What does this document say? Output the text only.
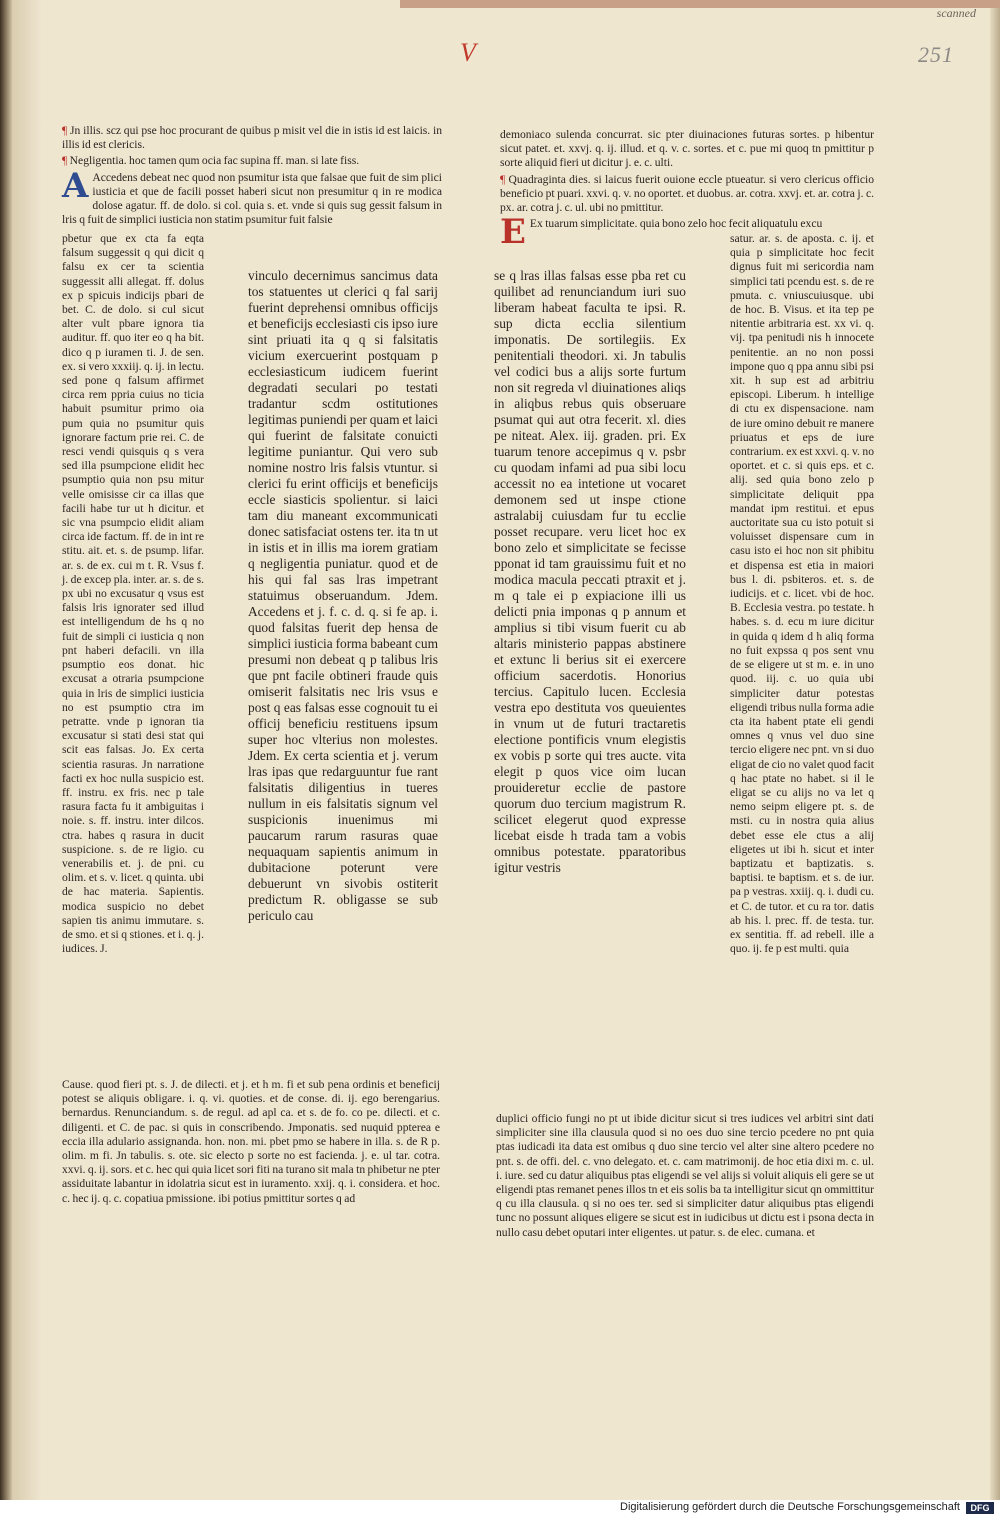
scanned
V	251

¶ Jn illis. scz qui pse hoc procurant de quibus p misit vel die in istis id est laicis. in illis id est clericis.

¶ Negligentia. hoc tamen qum ocia fac supina ff. man. si late fiss.

A Accedens debeat nec quod non psumitur ista que falsae que fuit de sim plici iusticia et que de facili posset haberi sicut non presumitur q in re modica dolose agatur. ff. de dolo. si col. quia s. et. vnde si quis sug gessit falsum in lris q fuit de simplici iusticia non statim psumitur fuit falsie

pbetur que ex cta fa eqta falsum suggessit q qui dicit q falsu ex cer ta scientia suggessit alli allegat. ff. dolus ex p spicuis indicijs pbari de bet. C. de dolo. si cul sicut alter vult pbare ignora tia auditur. ff. quo iter eo q ha bit. dico q p iuramen ti. J. de sen. ex. si vero xxxiij. q. ij. in lectu. sed pone q falsum affirmet circa rem ppria cuius no ticia habuit psumitur primo oia pum quia no psumitur quis ignorare factum prie rei. C. de resci vendi quisquis q s vera sed illa psumpcione elidit hec psumptio quia non psu mitur velle omisisse cir ca illas que facili habe tur ut h dicitur. et sic vna psumpcio elidit aliam circa ide factum. ff. de in int re stitu. ait. et. s. de psump. lifar. ar. s. de ex. cui m t. R. Vsus f. j. de excep pla. inter. ar. s. de s. px ubi no excusatur q vsus est falsis lris ignorater sed illud est intelligendum de hs q no fuit de simpli ci iusticia q non pnt haberi defacili. vn illa psumptio eos donat. hic excusat a otraria psumpcione quia in lris de simplici iusticia no est psumptio ctra im petratte. vnde p ignoran tia excusatur si stati desi stat qui scit eas falsas. Jo. Ex certa scientia rasuras. Jn narratione facti ex hoc nulla suspicio est. ff. instru. ex fris. nec p tale rasura facta fu it ambiguitas i noie. s. ff. instru. inter dilcos. ctra. habes q rasura in ducit suspicione. s. de re ligio. cu venerabilis et. j. de pni. cu olim. et s. v. licet. q quinta. ubi de hac materia. Sapientis. modica suspicio no debet sapien tis animu immutare. s. de smo. et si q stiones. et i. q. j. iudices. J.

vinculo decernimus sancimus data tos statuentes ut clerici q fal sarij fuerint deprehensi omnibus officijs et beneficijs ecclesiasti cis ipso iure sint priuati ita q q si falsitatis vicium exercuerint postquam p ecclesiasticum iudicem fuerint degradati seculari po testati tradantur scdm ostitutiones legitimas puniendi per quam et laici qui fuerint de falsitate conuicti legitime puniantur. Qui vero sub nomine nostro lris falsis vtuntur. si clerici fu erint officijs et beneficijs eccle siasticis spolientur. si laici tam diu maneant excommunicati donec satisfaciat ostens ter. ita tn ut in istis et in illis ma iorem gratiam q negligentia puniatur. quod et de his qui fal sas lras impetrant statuimus obseruandum. Jdem. Accedens et j. f. c. d. q. si fe ap. i. quod falsitas fuerit dep hensa de simplici iusticia forma babeant cum presumi non debeat q p talibus lris que pnt facile obtineri fraude quis omiserit falsitatis nec lris vsus e post q eas falsas esse cognouit tu ei officij beneficiu restituens ipsum super hoc vlterius non molestes. Jdem. Ex certa scientia et j. verum lras ipas que redarguuntur fue rant falsitatis diligentius in tueres nullum in eis falsitatis signum vel suspicionis inuenimus mi paucarum rarum rasuras quae nequaquam sapientis animum in dubitacione poterunt vere debuerunt vn sivobis ostiterit predictum R. obligasse se sub periculo cau

Cause. quod fieri pt. s. J. de dilecti. et j. et h m. fi et sub pena ordinis et beneficij potest se aliquis obligare. i. q. vi. quoties. et de conse. di. ij. ego berengarius. bernardus. Renunciandum. s. de regul. ad apl ca. et s. de fo. co pe. dilecti. et c. diligenti. et C. de pac. si quis in conscribendo. Jmponatis. sed nuquid ppterea e eccia illa adulario assignanda. hon. non. mi. pbet pmo se habere in illa. s. de R p. olim. m fi. Jn tabulis. s. ote. sic electo p sorte no est facienda. j. e. ul tar. cotra. xxvi. q. ij. sors. et c. hec qui quia licet sori fiti na turano sit mala tn phibetur ne pter assiduitate labantur in idolatria sicut est in iuramento. xxij. q. i. considera. et hoc. c. hec ij. q. c. copatiua pmissione. ibi potius pmittitur sortes q ad

demoniaco sulenda concurrat. sic pter diuinaciones futuras sortes. p hibentur sicut patet. et. xxvj. q. ij. illud. et q. v. c. sortes. et c. pue mi quoq tn pmittitur p sorte aliquid fieri ut dicitur j. e. c. ulti.

¶ Quadraginta dies. si laicus fuerit ouione eccle ptueatur. si vero clericus officio beneficio pt puari. xxvi. q. v. no oportet. et duobus. ar. cotra. xxvj. et. ar. cotra j. c. px. ar. cotra j. c. ul. ubi no pmittitur.

E Ex tuarum simplicitate. quia bono zelo hoc fecit aliquatulu excu

se q lras illas falsas esse pba ret cu quilibet ad renunciandum iuri suo liberam habeat faculta te ipsi. R. sup dicta ecclia silentium imponatis. De sortilegiis. Ex penitentiali theodori. xi. Jn tabulis vel codici bus a alijs sorte furtum non sit regreda vl diuinationes aliqs in aliqbus rebus quis obseruare psumat qui aut otra fecerit. xl. dies pe niteat. Alex. iij. graden. pri. Ex tuarum tenore accepimus q v. psbr cu quodam infami ad pua sibi locu accessit no ea intetione ut vocaret demonem sed ut inspe ctione astralabij cuiusdam fur tu ecclie posset recupare. veru licet hoc ex bono zelo et simplicitate se fecisse pponat id tam grauissimu fuit et no modica macula peccati ptraxit et j. m q tale ei p expiacione illi us delicti pnia imponas q p annum et amplius si tibi visum fuerit cu ab altaris ministerio pappas abstinere et extunc li berius sit ei exercere officium sacerdotis. Honorius tercius. Capitulo lucen. Ecclesia vestra epo destituta vos queuientes in vnum ut de futuri tractaretis electione pontificis vnum elegistis ex vobis p sorte qui tres aucte. vita elegit p quos vice oim lucan prouideretur ecclie de pastore quorum duo tercium magistrum R. scilicet elegerut quod expresse licebat eisde h trada tam a vobis omnibus potestate. pparatoribus igitur vestris

satur. ar. s. de aposta. c. ij. et quia p simplicitate hoc fecit dignus fuit mi sericordia nam simplici tati pcendu est. s. de re pmuta. c. vniuscuiusque. ubi de hoc. B. Visus. et ita tep pe nitentie arbitraria est. xx vi. q. vij. tpa penitudi nis h innocete penitentie. an no non possi impone quo q ppa annu sibi psi xit. h sup est ad arbitriu episcopi. Liberum. h intellige di ctu ex dispensacione. nam de iure omino debuit re manere priuatus et eps de iure contrarium. ex est xxvi. q. v. no oportet. et c. si quis eps. et c. alij. sed quia bono zelo p simplicitate deliquit ppa mandat ipm restitui. et epus auctoritate sua cu isto potuit si voluisset dispensare cum in casu isto ei hoc non sit phibitu et dispensa est etia in maiori bus l. di. psbiteros. et. s. de iudicijs. et c. licet. vbi de hoc. B. Ecclesia vestra. po testate. h habes. s. d. ecu m iure dicitur in quida q idem d h aliq forma no fuit expssa q pos sent vnu de se eligere ut st m. e. in uno quod. iij. c. uo quia ubi simpliciter datur potestas eligendi tribus nulla forma adie cta ita habent ptate eli gendi omnes q vnus vel duo sine tercio eligere nec pnt. vn si duo eligat de cio no valet quod facit q hac ptate no habet. si il le eligat se cu alijs no va let q nemo seipm eligere pt. s. de msti. cu in nostra quia alius debet esse ele ctus a alij eligetes ut ibi h. sicut et inter baptizatu et baptizatis. s. baptisi. te baptism. et s. de iur. pa p vestras. xxiij. q. i. dudi cu. et C. de tutor. et cu ra tor. datis ab his. l. prec. ff. de testa. tur. ex sentitia. ff. ad rebell. ille a quo. ij. fe p est multi. quia

duplici officio fungi no pt ut ibide dicitur sicut si tres iudices vel arbitri sint dati simpliciter sine illa clausula quod si no oes duo sine tercio pcedere no pnt quia ptas iudicadi ita data est omibus q duo sine tercio vel alter sine altero pcedere no pnt. s. de offi. del. c. vno delegato. et. c. cam matrimonij. de hoc etia dixi m. c. ul. i. iure. sed cu datur aliquibus ptas eligendi se vel alijs si voluit aliquis eli gere se ut eligendi ptas remanet penes illos tn et eis solis ba ta intelligitur sicut qn ommittitur q cu illa clausula. q si no oes ter. sed si simpliciter datur aliquibus ptas eligendi tunc no possunt aliques eligere se sicut est in iudicibus ut dictu est i psona decta in nullo casu debet oputari inter eligentes. ut patur. s. de elec. cumana. et

Digitalisierung gefördert durch die Deutsche Forschungsgemeinschaft	DFG
